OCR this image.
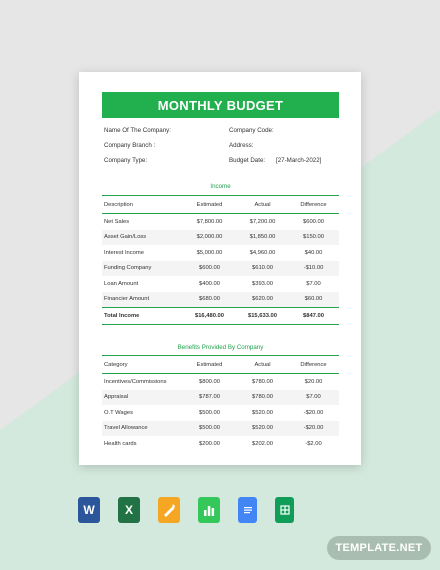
MONTHLY BUDGET
Name Of The Company:	Company Code:
Company Branch :	Address:
Company Type:	Budget Date: [27-March-2022]
Income
Description	Estimated	Actual	Difference
Net Sales	$7,800.00	$7,200.00	$600.00
Asset Gain/Loss	$2,000.00	$1,850.00	$150.00
Interest Income	$5,000.00	$4,960.00	$40.00
Funding Company	$600.00	$610.00	-$10.00
Loan Amount	$400.00	$393.00	$7.00
Financier Amount	$680.00	$620.00	$60.00
Total Income	$16,480.00	$15,633.00	$847.00
Benefits Provided By Company
Category	Estimated	Actual	Difference
Incentives/Commissions	$800.00	$780.00	$20.00
Appraisal	$787.00	$780.00	$7.00
O.T Wages	$500.00	$520.00	-$20.00
Travel Allowance	$500.00	$520.00	-$20.00
Health cards	$200.00	$202.00	-$2.00
W	X
TEMPLATE.NET
